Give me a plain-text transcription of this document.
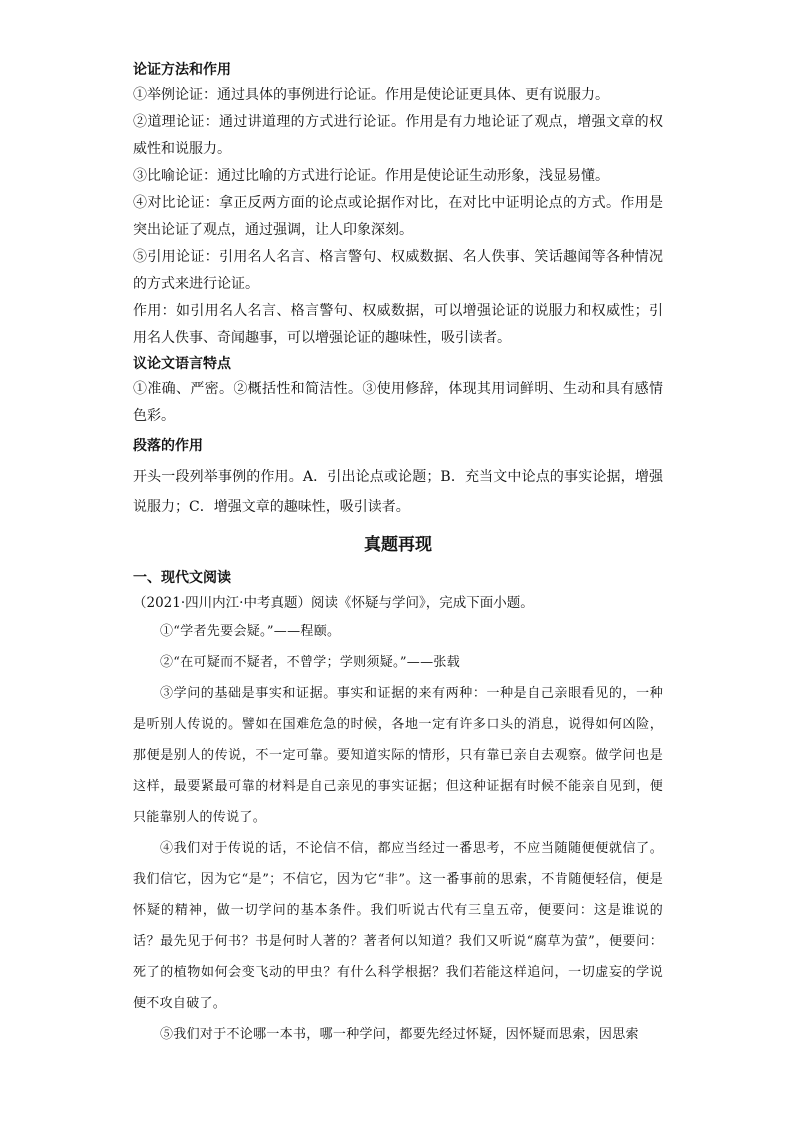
论证方法和作用

①举例论证：通过具体的事例进行论证。作用是使论证更具体、更有说服力。

②道理论证：通过讲道理的方式进行论证。作用是有力地论证了观点，增强文章的权威性和说服力。

③比喻论证：通过比喻的方式进行论证。作用是使论证生动形象，浅显易懂。

④对比论证：拿正反两方面的论点或论据作对比，在对比中证明论点的方式。作用是突出论证了观点，通过强调，让人印象深刻。

⑤引用论证：引用名人名言、格言警句、权威数据、名人佚事、笑话趣闻等各种情况的方式来进行论证。

作用：如引用名人名言、格言警句、权威数据，可以增强论证的说服力和权威性；引用名人佚事、奇闻趣事，可以增强论证的趣味性，吸引读者。

议论文语言特点

①准确、严密。②概括性和简洁性。③使用修辞，体现其用词鲜明、生动和具有感情色彩。

段落的作用

开头一段列举事例的作用。A．引出论点或论题；B．充当文中论点的事实论据，增强说服力；C．增强文章的趣味性，吸引读者。

真题再现

一、现代文阅读

（2021·四川内江·中考真题）阅读《怀疑与学问》，完成下面小题。

①“学者先要会疑。”——程颐。

②“在可疑而不疑者，不曾学；学则须疑。”——张载

③学问的基础是事实和证据。事实和证据的来有两种：一种是自己亲眼看见的，一种是听别人传说的。譬如在国难危急的时候，各地一定有许多口头的消息，说得如何凶险，那便是别人的传说，不一定可靠。要知道实际的情形，只有靠已亲自去观察。做学问也是这样，最要紧最可靠的材料是自己亲见的事实证据；但这种证据有时候不能亲自见到，便只能靠别人的传说了。

④我们对于传说的话，不论信不信，都应当经过一番思考，不应当随随便便就信了。我们信它，因为它“是”；不信它，因为它“非”。这一番事前的思索，不肯随便轻信，便是怀疑的精神，做一切学问的基本条件。我们听说古代有三皇五帝，便要问：这是谁说的话？最先见于何书？书是何时人著的？著者何以知道？我们又听说“腐草为萤”，便要问：死了的植物如何会变飞动的甲虫？有什么科学根据？我们若能这样追问，一切虚妄的学说便不攻自破了。

⑤我们对于不论哪一本书，哪一种学问，都要先经过怀疑，因怀疑而思索，因思索
